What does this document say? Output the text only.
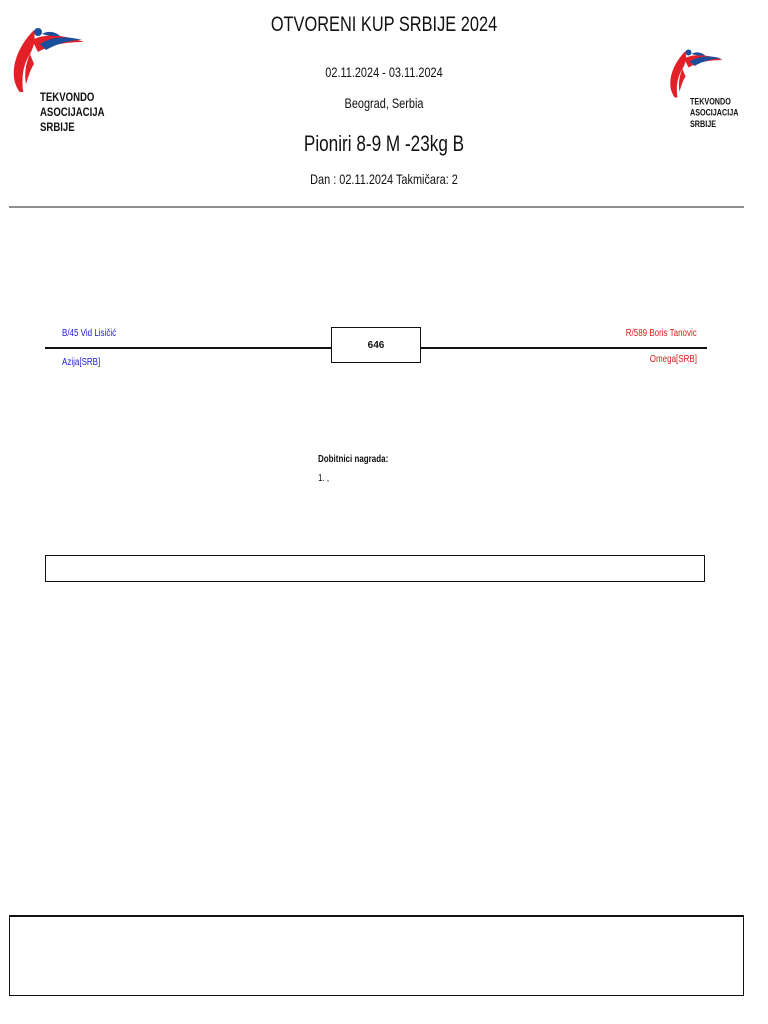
OTVORENI KUP SRBIJE 2024
02.11.2024 - 03.11.2024
Beograd, Serbia
Pioniri 8-9 M -23kg B
Dan : 02.11.2024 Takmičara: 2
TEKVONDO
ASOCIJACIJA
SRBIJE
TEKVONDO
ASOCIJACIJA
SRBIJE
B/45 Vid Lisičić
Azija[SRB]
646
R/589 Boris Tanovic
Omega[SRB]
Dobitnici nagrada:
1. ,
